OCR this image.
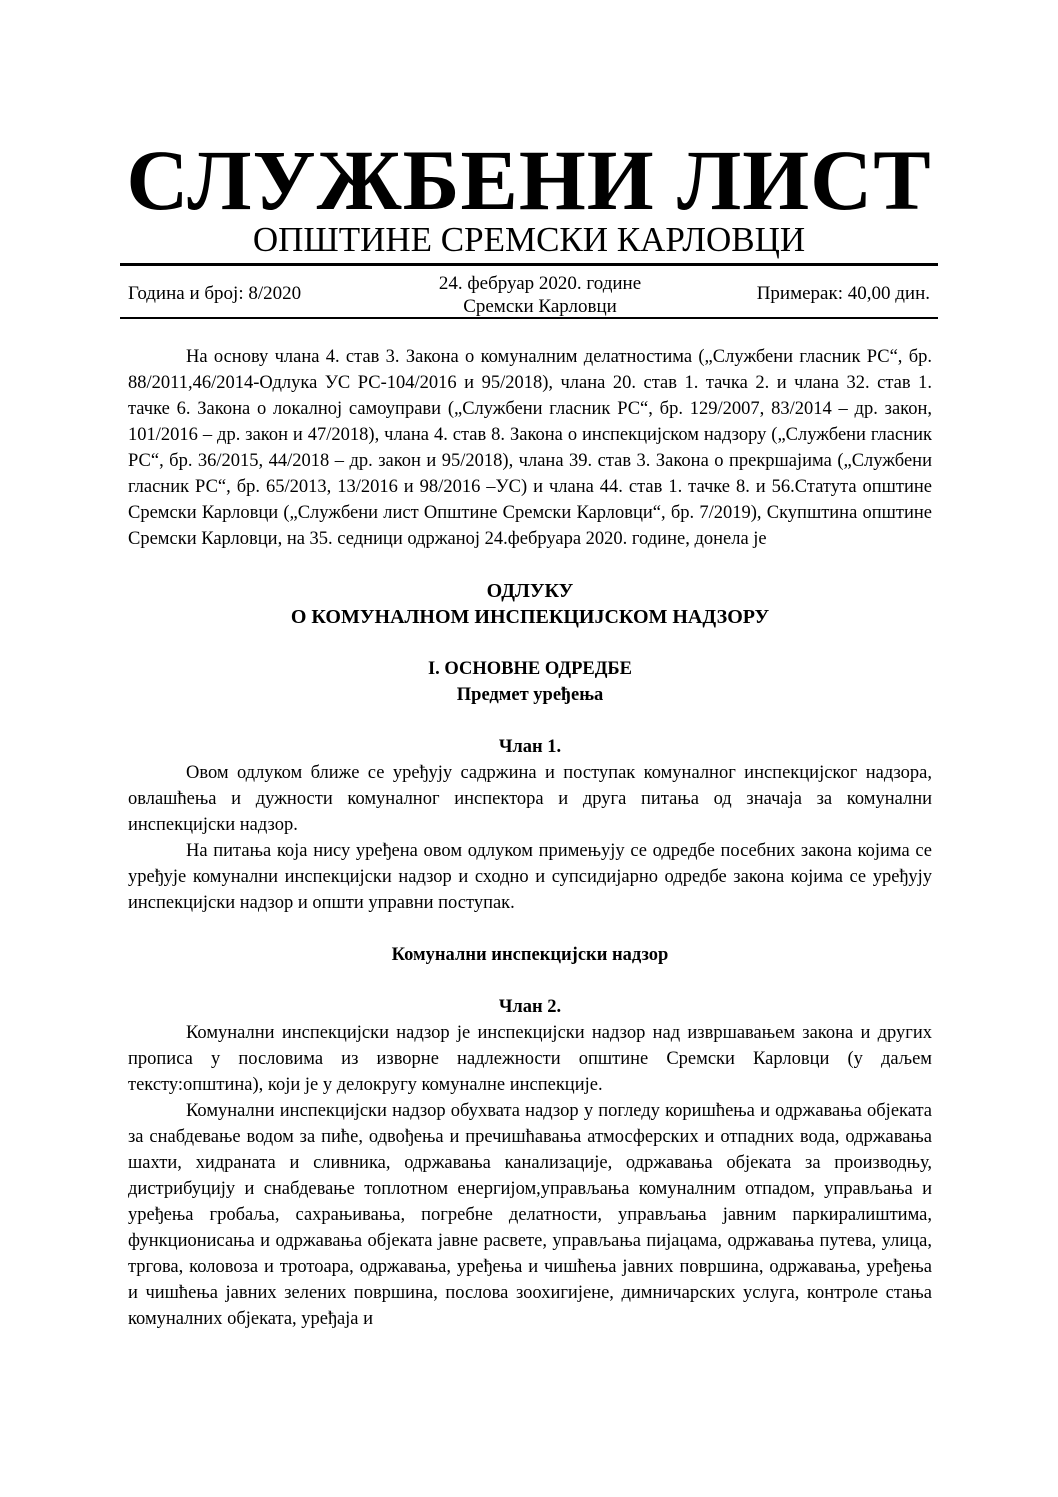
СЛУЖБЕНИ ЛИСТ
ОПШТИНЕ СРЕМСКИ КАРЛОВЦИ
Година и број: 8/2020	24. фебруар 2020. године
Сремски Карловци
Примерак: 40,00 дин.

На основу члана 4. став 3. Закона о комуналним делатностима („Службени гласник РС“, бр. 88/2011,46/2014-Одлука УС РС-104/2016 и 95/2018), члана 20. став 1. тачка 2. и члана 32. став 1. тачке 6. Закона о локалној самоуправи („Службени гласник РС“, бр. 129/2007, 83/2014 – др. закон, 101/2016 – др. закон и 47/2018), члана 4. став 8. Закона о инспекцијском надзору („Службени гласник РС“, бр. 36/2015, 44/2018 – др. закон и 95/2018), члана 39. став 3. Закона о прекршајима („Службени гласник РС“, бр. 65/2013, 13/2016 и 98/2016 –УС) и члана 44. став 1. тачке 8. и 56.Статута општине Сремски Карловци („Службени лист Општине Сремски Карловци“, бр. 7/2019), Скупштина општине Сремски Карловци, на 35. седници одржаној 24.фебруара 2020. године, донела је

ОДЛУКУ
О КОМУНАЛНОМ ИНСПЕКЦИЈСКОМ НАДЗОРУ
I. ОСНОВНЕ ОДРЕДБЕ
Предмет уређења
Члан 1.

Овом одлуком ближе се уређују садржина и поступак комуналног инспекцијског надзора, овлашћења и дужности комуналног инспектора и друга питања од значаја за комунални инспекцијски надзор.

На питања која нису уређена овом одлуком примењују се одредбе посебних закона којима се уређује комунални инспекцијски надзор и сходно и супсидијарно одредбе закона којима се уређују инспекцијски надзор и општи управни поступак.

Комунални инспекцијски надзор
Члан 2.

Комунални инспекцијски надзор је инспекцијски надзор над извршавањем закона и других прописа у пословима из изворне надлежности општине Сремски Карловци (у даљем тексту:општина), који је у делокругу комуналне инспекције.

Комунални инспекцијски надзор обухвата надзор у погледу коришћења и одржавања објеката за снабдевање водом за пиће, одвођења и пречишћавања атмосферских и отпадних вода, одржавања шахти, хидраната и сливника, одржавања канализације, одржавања објеката за производњу, дистрибуцију и снабдевање топлотном енергијом,управљања комуналним отпадом, управљања и уређења гробаља, сахрањивања, погребне делатности, управљања јавним паркиралиштима, функционисања и одржавања објеката јавне расвете, управљања пијацама, одржавања путева, улица, тргова, коловоза и тротоара, одржавања, уређења и чишћења јавних површина, одржавања, уређења и чишћења јавних зелених површина, послова зоохигијене, димничарских услуга, контроле стања комуналних објеката, уређаја и
